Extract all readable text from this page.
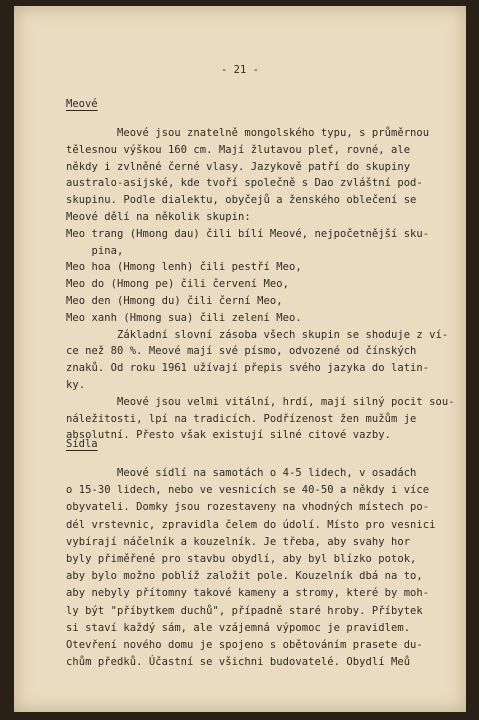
- 21 -
Meové
Meové jsou znatelně mongolského typu, s průměrnou
tělesnou výškou 160 cm. Mají žlutavou pleť, rovné, ale
někdy i zvlněné černé vlasy. Jazykově patří do skupiny
australo-asijské, kde tvoří společně s Dao zvláštní pod-
skupinu. Podle dialektu, obyčejů a ženského oblečení se
Meové dělí na několik skupin:
Meo trang (Hmong dau) čili bílí Meové, nejpočetnější sku-
pina,
Meo hoa (Hmong lenh) čili pestří Meo,
Meo do (Hmong pe) čili červení Meo,
Meo den (Hmong du) čili černí Meo,
Meo xanh (Hmong sua) čili zelení Meo.
Základní slovní zásoba všech skupin se shoduje z ví-
ce než 80 %. Meové mají své písmo, odvozené od čínských
znaků. Od roku 1961 užívají přepis svého jazyka do latin-
ky.
Meové jsou velmi vitální, hrdí, mají silný pocit sou-
náležitosti, lpí na tradicích. Podřízenost žen mužům je
absolutní. Přesto však existují silné citové vazby.
Sídla
Meové sídlí na samotách o 4-5 lidech, v osadách
o 15-30 lidech, nebo ve vesnicích se 40-50 a někdy i více
obyvateli. Domky jsou rozestaveny na vhodných místech po-
dél vrstevnic, zpravidla čelem do údolí. Místo pro vesnici
vybírají náčelník a kouzelník. Je třeba, aby svahy hor
byly přiměřené pro stavbu obydlí, aby byl blízko potok,
aby bylo možno poblíž založit pole. Kouzelník dbá na to,
aby nebyly přítomny takové kameny a stromy, které by moh-
ly být "příbytkem duchů", případně staré hroby. Příbytek
si staví každý sám, ale vzájemná výpomoc je pravidlem.
Otevření nového domu je spojeno s obětováním prasete du-
chům předků. Účastní se všichni budovatelé. Obydlí Meů
